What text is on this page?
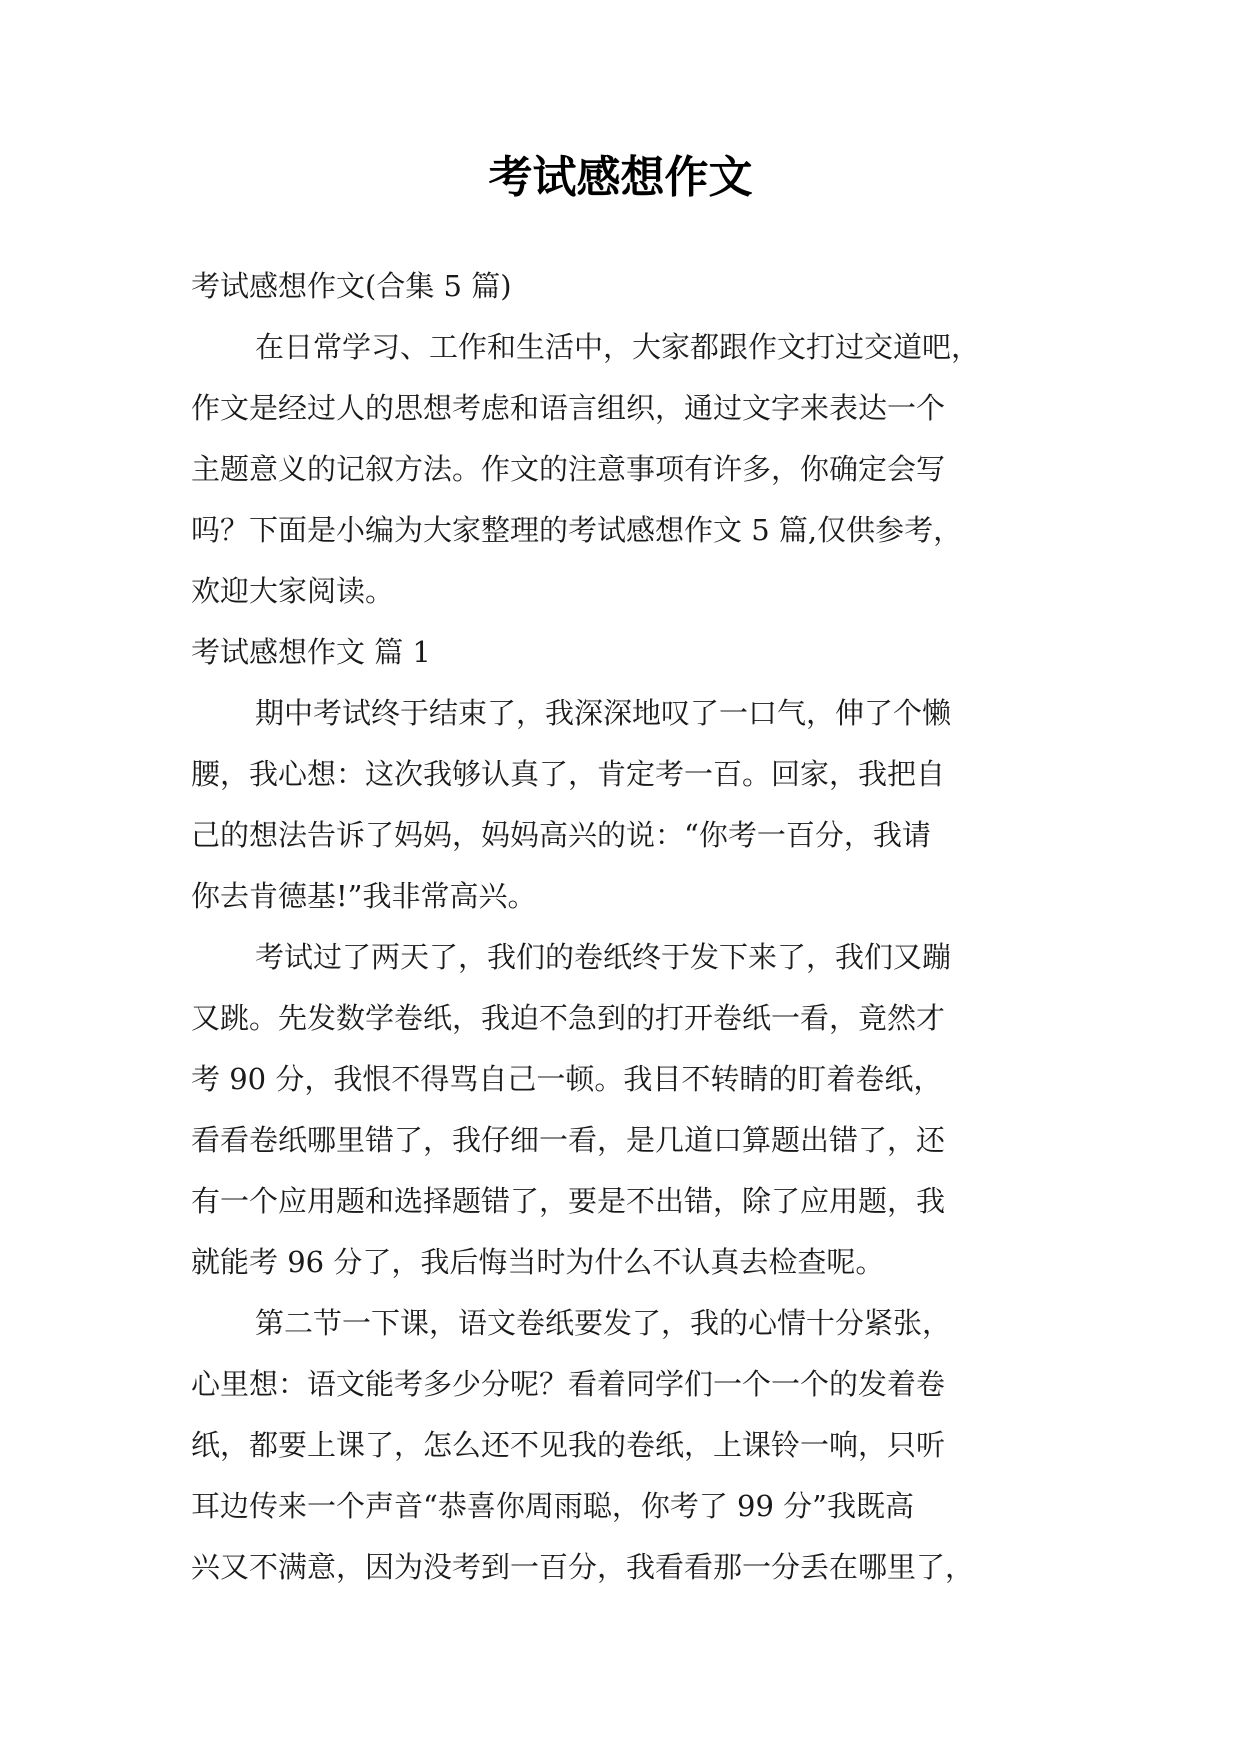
考试感想作文
考试感想作文(合集 5 篇)
在日常学习、工作和生活中，大家都跟作文打过交道吧，
作文是经过人的思想考虑和语言组织，通过文字来表达一个
主题意义的记叙方法。作文的注意事项有许多，你确定会写
吗？下面是小编为大家整理的考试感想作文 5 篇,仅供参考，
欢迎大家阅读。
考试感想作文 篇 1
期中考试终于结束了，我深深地叹了一口气，伸了个懒
腰，我心想：这次我够认真了，肯定考一百。回家，我把自
己的想法告诉了妈妈，妈妈高兴的说：“你考一百分，我请
你去肯德基!”我非常高兴。
考试过了两天了，我们的卷纸终于发下来了，我们又蹦
又跳。先发数学卷纸，我迫不急到的打开卷纸一看，竟然才
考 90 分，我恨不得骂自己一顿。我目不转睛的盯着卷纸，
看看卷纸哪里错了，我仔细一看，是几道口算题出错了，还
有一个应用题和选择题错了，要是不出错，除了应用题，我
就能考 96 分了，我后悔当时为什么不认真去检查呢。
第二节一下课，语文卷纸要发了，我的心情十分紧张，
心里想：语文能考多少分呢？看着同学们一个一个的发着卷
纸，都要上课了，怎么还不见我的卷纸，上课铃一响，只听
耳边传来一个声音“恭喜你周雨聪，你考了 99 分”我既高
兴又不满意，因为没考到一百分，我看看那一分丢在哪里了，
